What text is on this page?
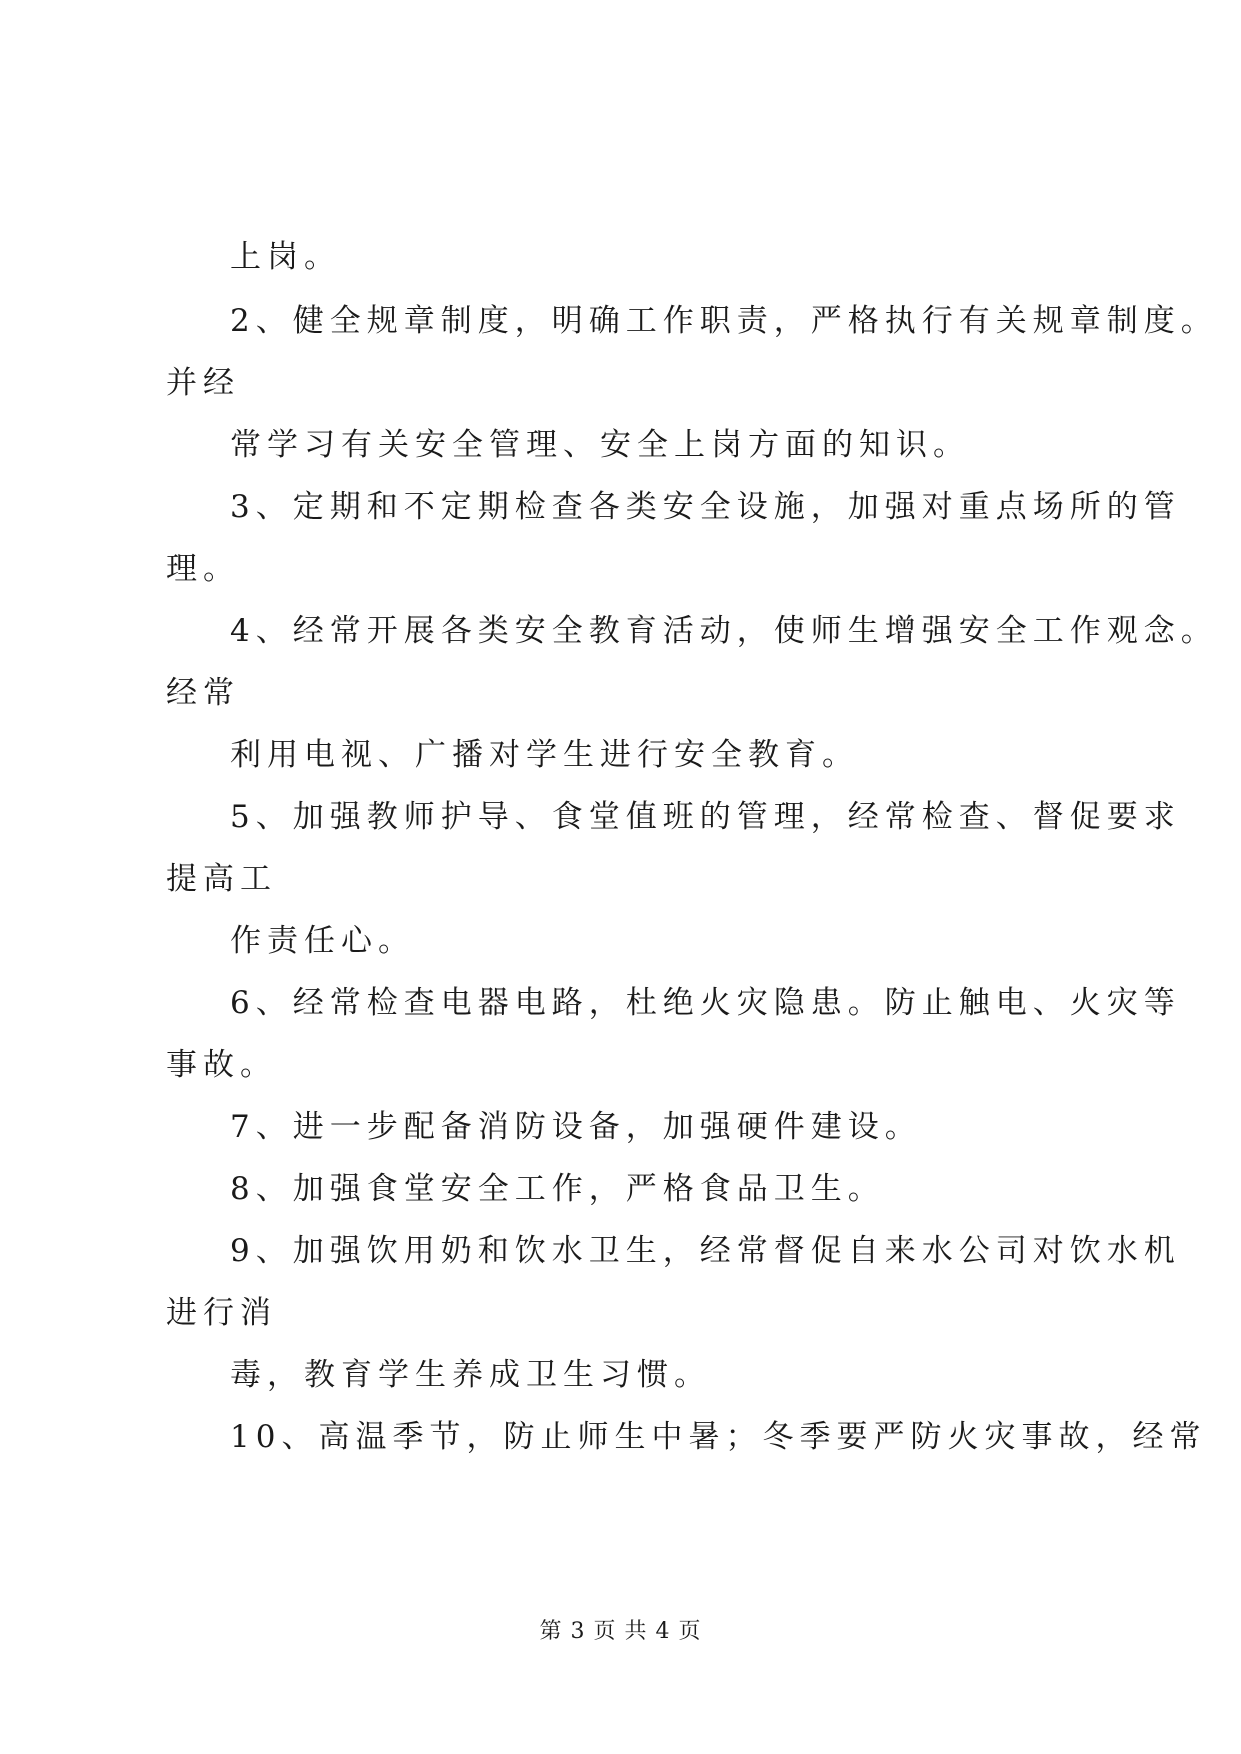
上岗。
2、健全规章制度，明确工作职责，严格执行有关规章制度。
并经
常学习有关安全管理、安全上岗方面的知识。
3、定期和不定期检查各类安全设施，加强对重点场所的管
理。
4、经常开展各类安全教育活动，使师生增强安全工作观念。
经常
利用电视、广播对学生进行安全教育。
5、加强教师护导、食堂值班的管理，经常检查、督促要求
提高工
作责任心。
6、经常检查电器电路，杜绝火灾隐患。防止触电、火灾等
事故。
7、进一步配备消防设备，加强硬件建设。
8、加强食堂安全工作，严格食品卫生。
9、加强饮用奶和饮水卫生，经常督促自来水公司对饮水机
进行消
毒，教育学生养成卫生习惯。
10、高温季节，防止师生中暑；冬季要严防火灾事故，经常
第 3 页 共 4 页
